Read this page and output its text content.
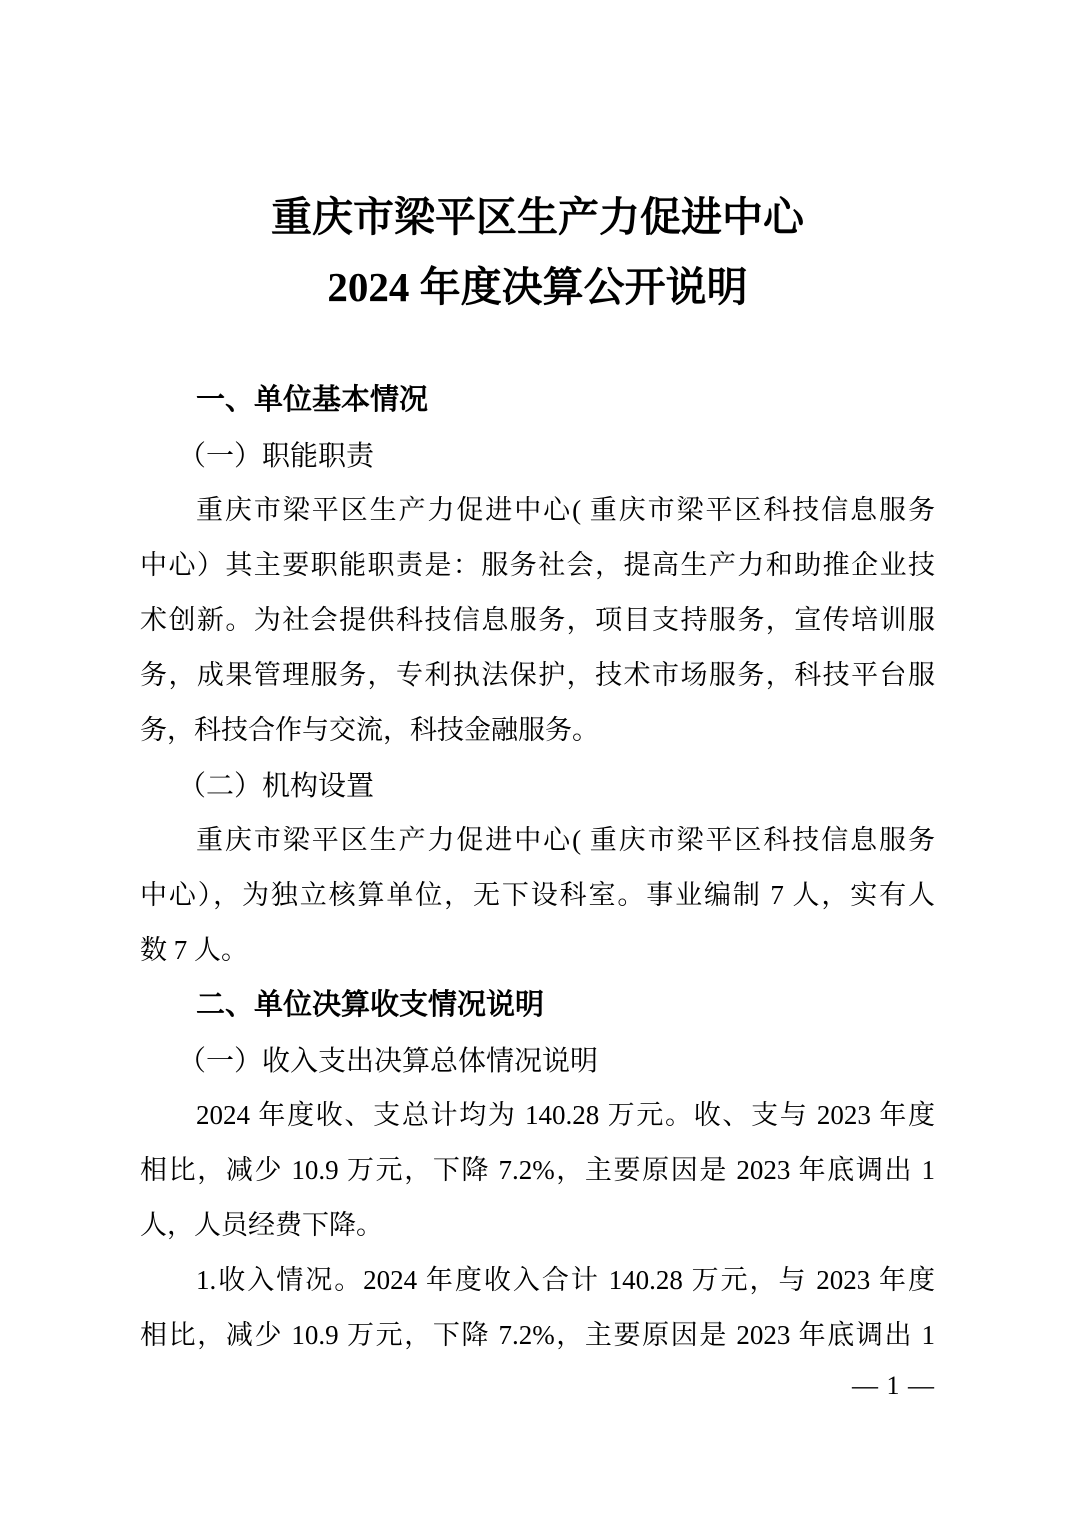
重庆市梁平区生产力促进中心
2024 年度决算公开说明
一、单位基本情况
（一）职能职责
重庆市梁平区生产力促进中心( 重庆市梁平区科技信息服务
中心）其主要职能职责是：服务社会，提高生产力和助推企业技
术创新。为社会提供科技信息服务，项目支持服务，宣传培训服
务，成果管理服务，专利执法保护，技术市场服务，科技平台服
务，科技合作与交流，科技金融服务。
（二）机构设置
重庆市梁平区生产力促进中心( 重庆市梁平区科技信息服务
中心），为独立核算单位，无下设科室。事业编制 7 人，实有人
数 7 人。
二、单位决算收支情况说明
（一）收入支出决算总体情况说明
2024 年度收、支总计均为 140.28 万元。收、支与 2023 年度
相比，减少 10.9 万元，下降 7.2%，主要原因是 2023 年底调出 1
人，人员经费下降。
1.收入情况。2024 年度收入合计 140.28 万元，与 2023 年度
相比，减少 10.9 万元，下降 7.2%，主要原因是 2023 年底调出 1
— 1 —
